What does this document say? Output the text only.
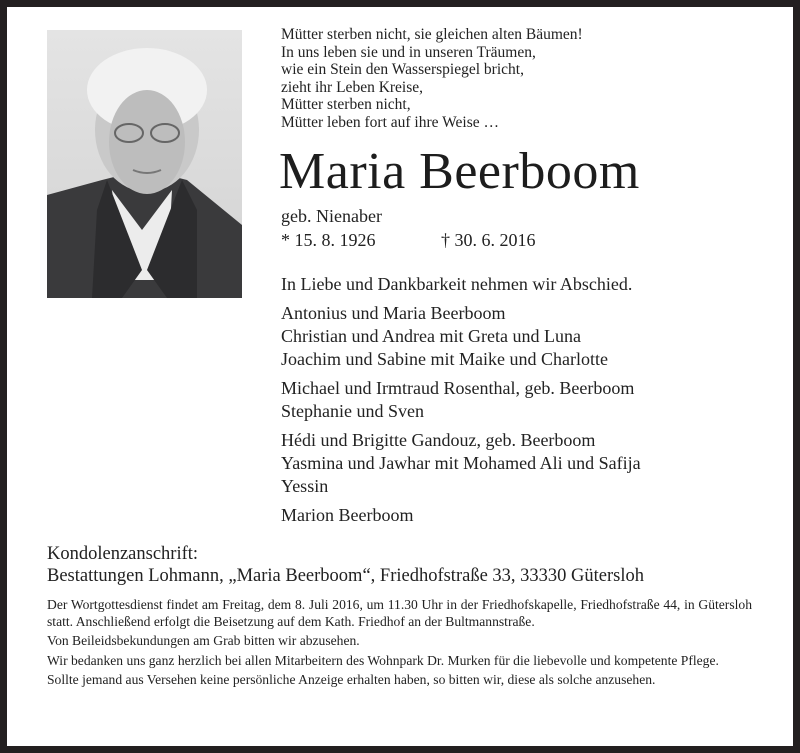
Mütter sterben nicht, sie gleichen alten Bäumen!
In uns leben sie und in unseren Träumen,
wie ein Stein den Wasserspiegel bricht,
zieht ihr Leben Kreise,
Mütter sterben nicht,
Mütter leben fort auf ihre Weise …
Maria Beerboom
geb. Nienaber
* 15. 8. 1926	† 30. 6. 2016
In Liebe und Dankbarkeit nehmen wir Abschied.
Antonius und Maria Beerboom
Christian und Andrea mit Greta und Luna
Joachim und Sabine mit Maike und Charlotte
Michael und Irmtraud Rosenthal, geb. Beerboom
Stephanie und Sven
Hédi und Brigitte Gandouz, geb. Beerboom
Yasmina und Jawhar mit Mohamed Ali und Safija
Yessin
Marion Beerboom
Kondolenzanschrift:
Bestattungen Lohmann, „Maria Beerboom“, Friedhofstraße 33, 33330 Gütersloh

Der Wortgottesdienst findet am Freitag, dem 8. Juli 2016, um 11.30 Uhr in der Friedhofskapelle, Friedhofstraße 44, in Gütersloh statt. Anschließend erfolgt die Beisetzung auf dem Kath. Friedhof an der Bultmannstraße.

Von Beileidsbekundungen am Grab bitten wir abzusehen.

Wir bedanken uns ganz herzlich bei allen Mitarbeitern des Wohnpark Dr. Murken für die liebevolle und kompetente Pflege.

Sollte jemand aus Versehen keine persönliche Anzeige erhalten haben, so bitten wir, diese als solche anzusehen.
